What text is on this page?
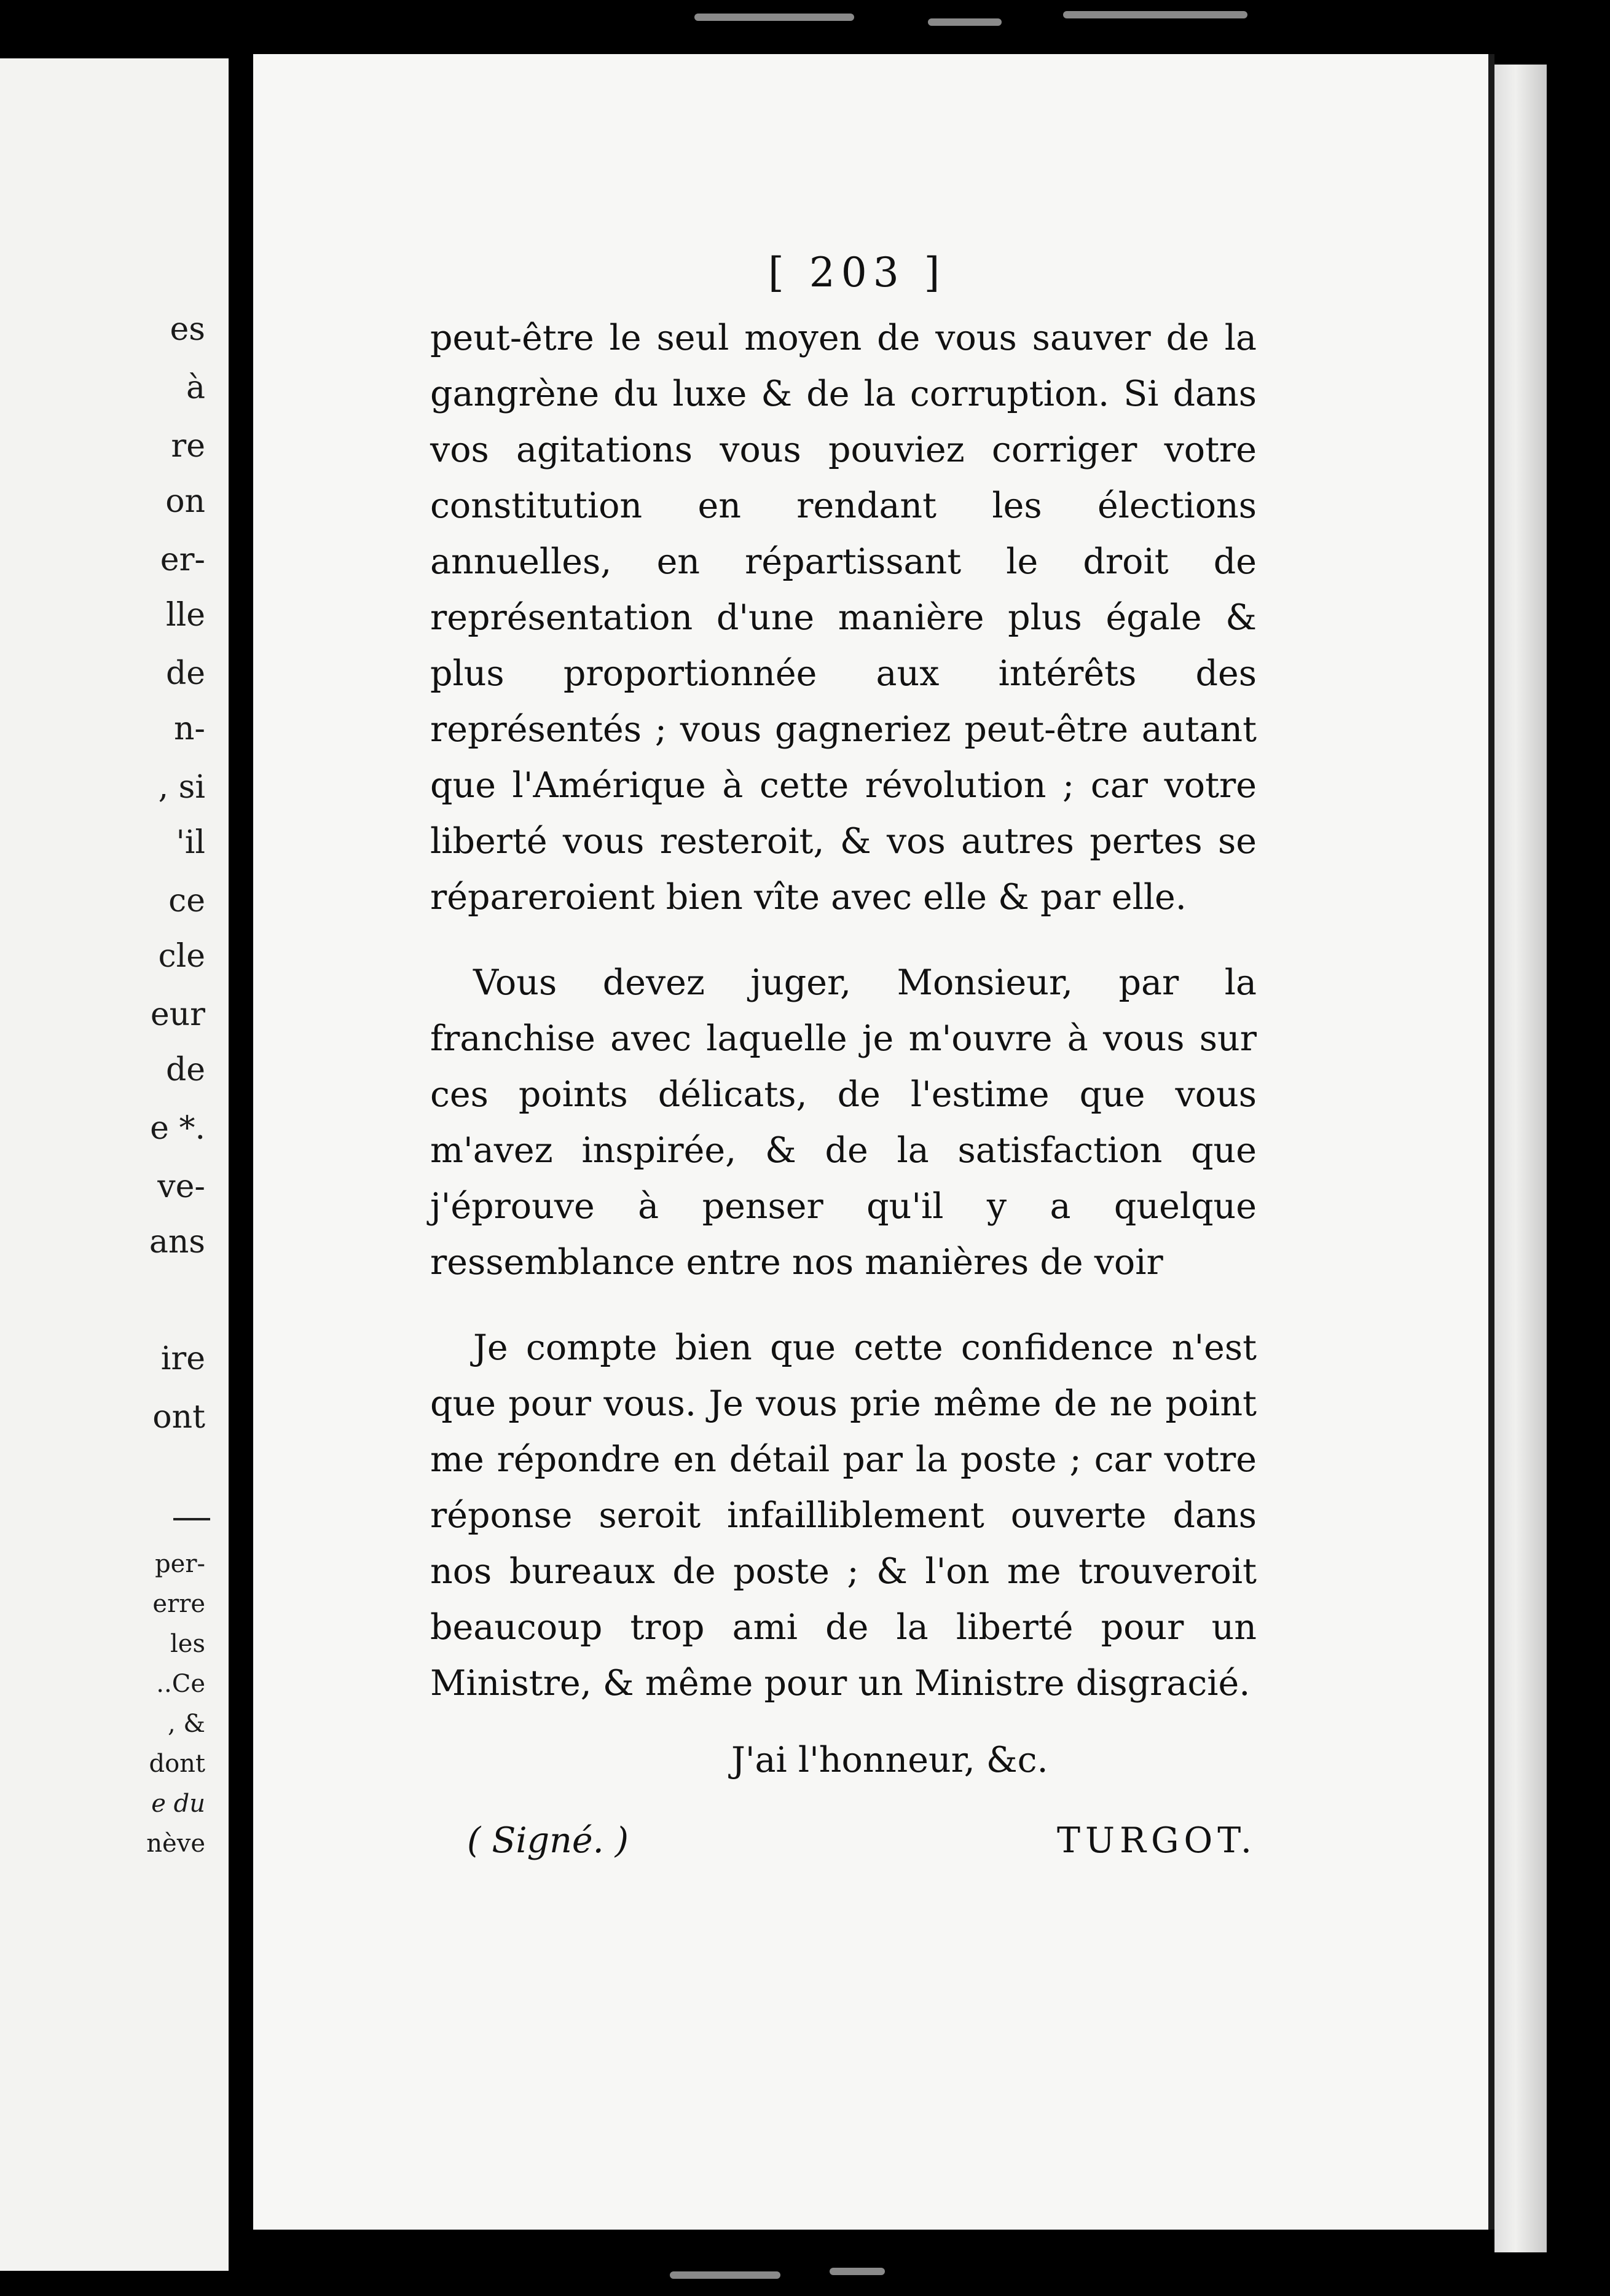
es
à
re
on
er-
lle
de
n-
, si
'il
ce
cle
eur
de
e *.
ve-
ans
ire
ont
per-
erre
les
..Ce
, &
dont
e du
nève
[ 203 ]

peut-être le seul moyen de vous sauver de la gangrène du luxe & de la corruption. Si dans vos agitations vous pouviez corriger votre constitution en rendant les élections annuelles, en répartissant le droit de représentation d'une manière plus égale & plus proportionnée aux intérêts des représentés ; vous gagneriez peut-être autant que l'Amérique à cette révolution ; car votre liberté vous resteroit, & vos autres pertes se répareroient bien vîte avec elle & par elle.

Vous devez juger, Monsieur, par la franchise avec laquelle je m'ouvre à vous sur ces points délicats, de l'estime que vous m'avez inspirée, & de la satisfaction que j'éprouve à penser qu'il y a quelque ressemblance entre nos manières de voir

Je compte bien que cette confidence n'est que pour vous. Je vous prie même de ne point me répondre en détail par la poste ; car votre réponse seroit infailliblement ouverte dans nos bureaux de poste ; & l'on me trouveroit beaucoup trop ami de la liberté pour un Ministre, & même pour un Ministre disgracié.

J'ai l'honneur, &c.
( Signé. )	TURGOT.
